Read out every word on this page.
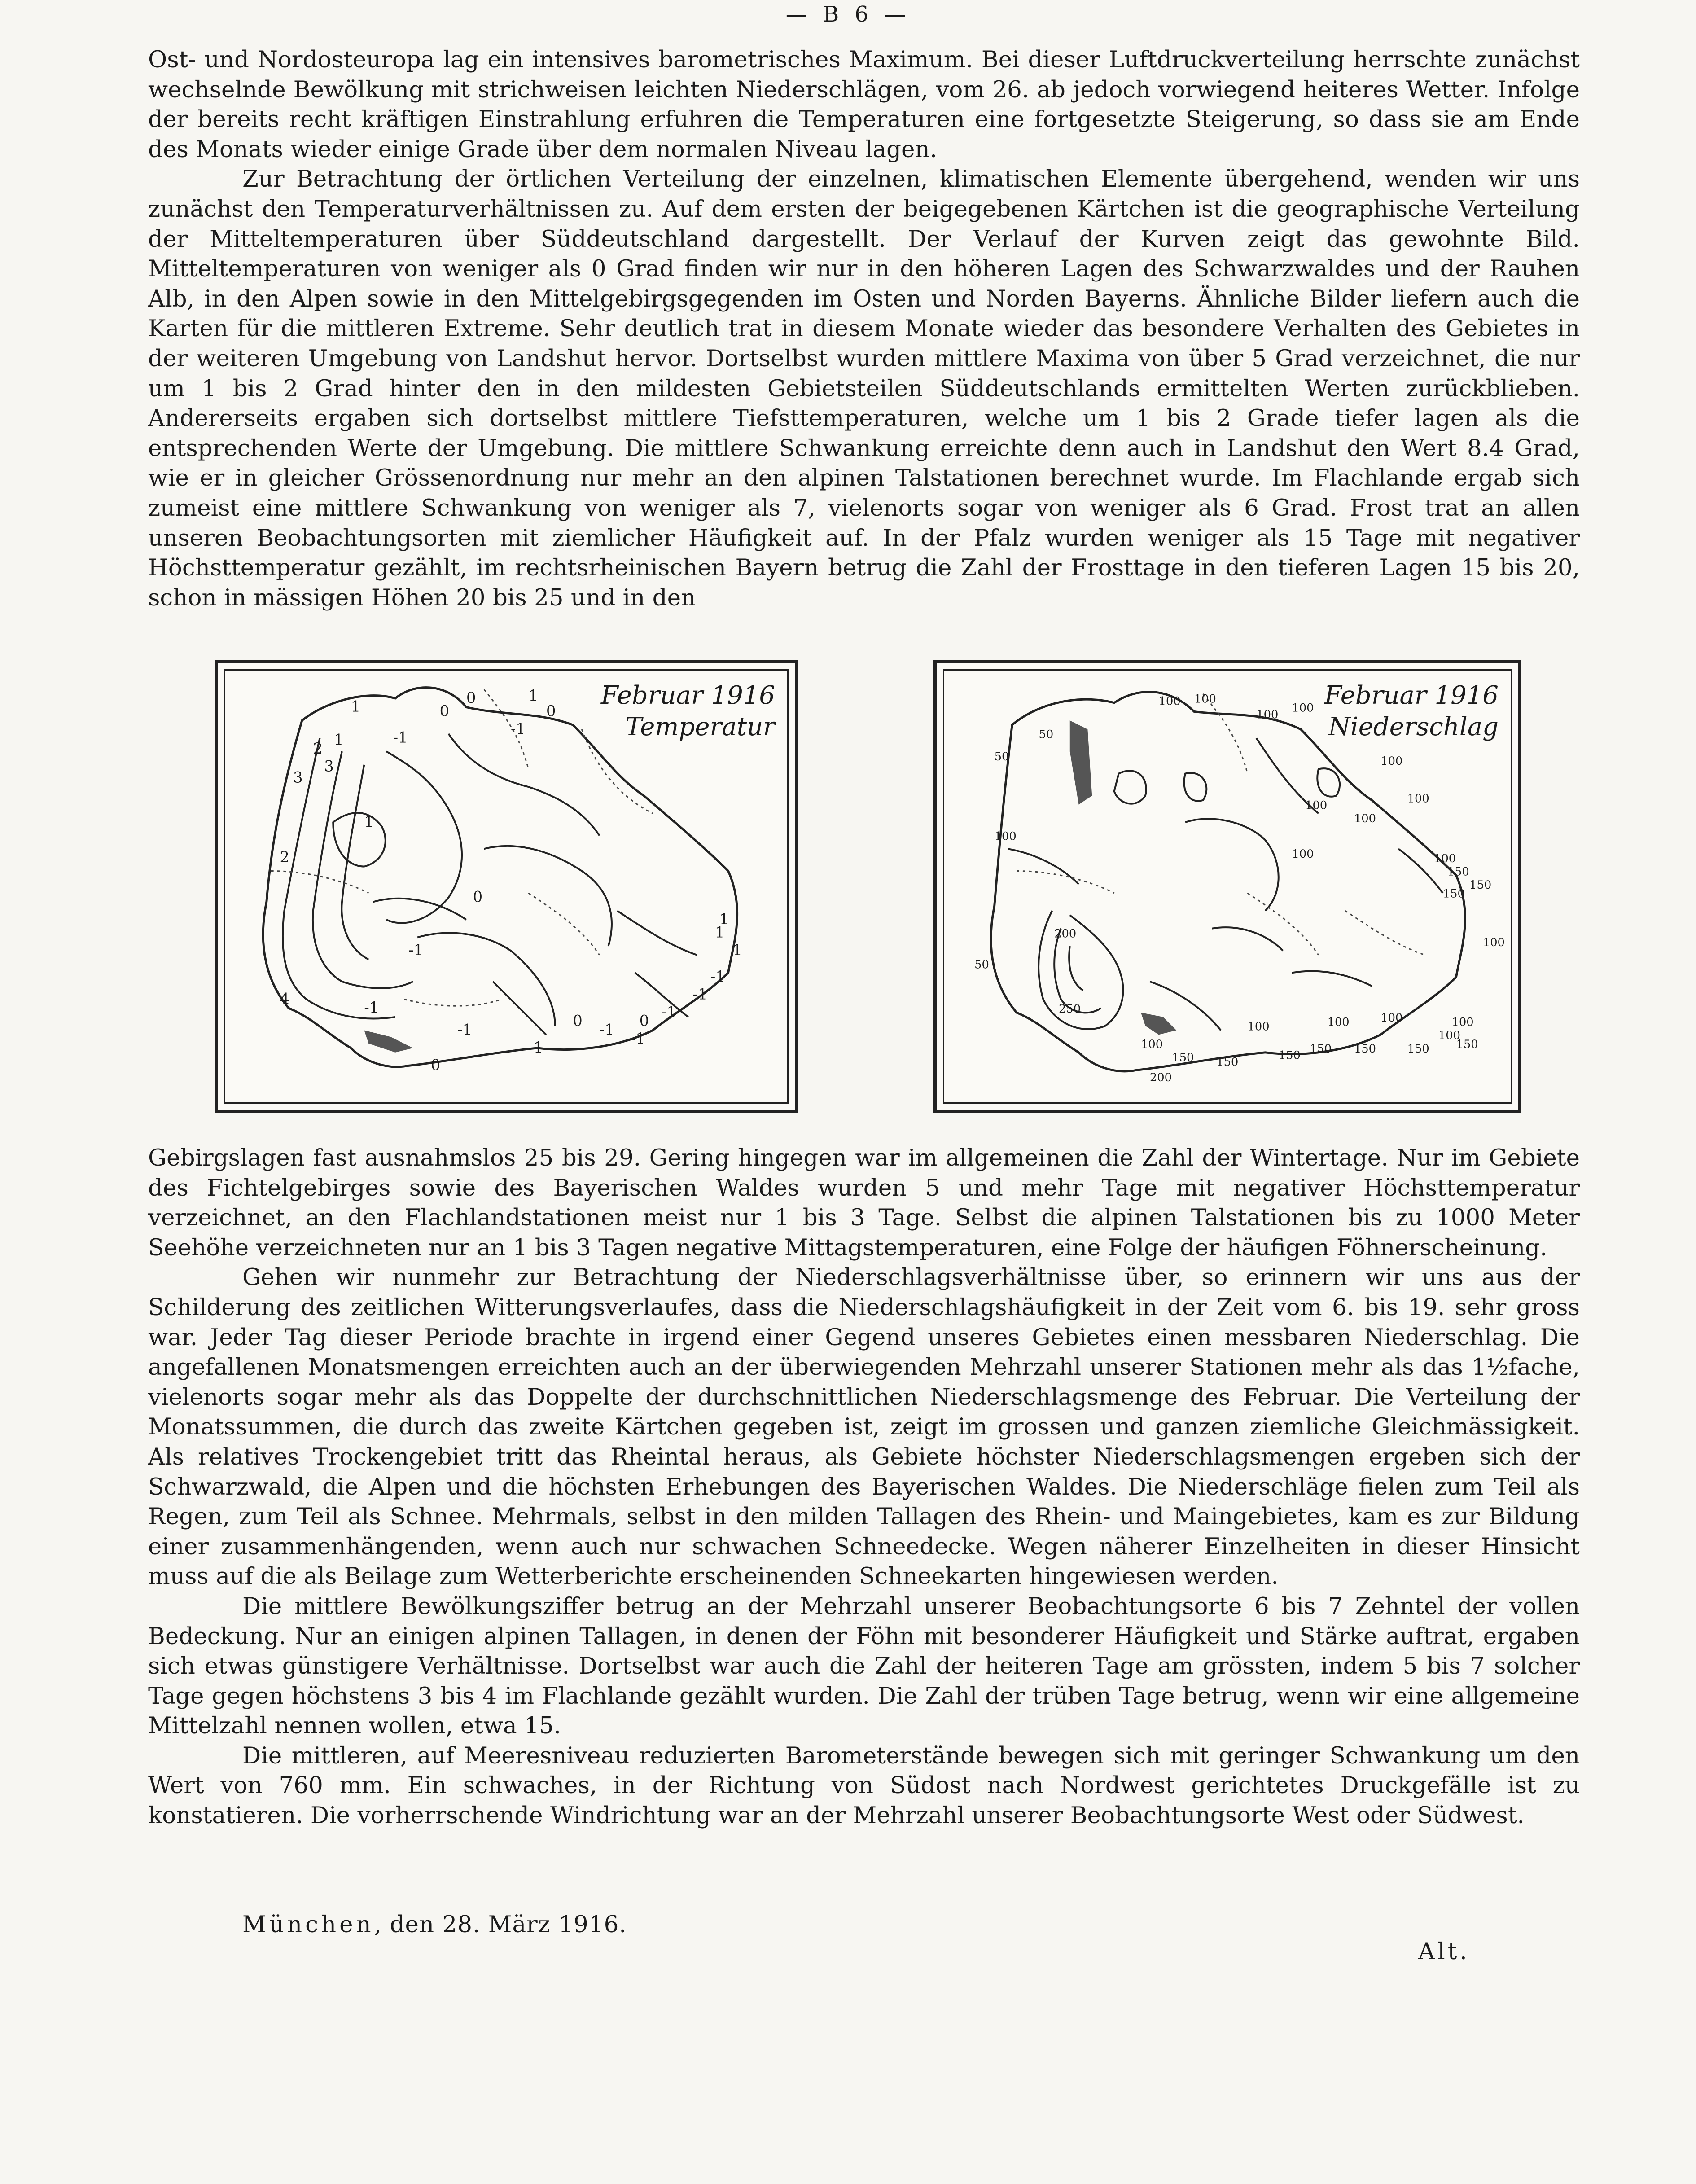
— B 6 —

Ost- und Nordosteuropa lag ein intensives barometrisches Maximum. Bei dieser Luftdruckverteilung herrschte zunächst wechselnde Bewölkung mit strichweisen leichten Niederschlägen, vom 26. ab jedoch vorwiegend heiteres Wetter. Infolge der bereits recht kräftigen Einstrahlung erfuhren die Temperaturen eine fortgesetzte Steigerung, so dass sie am Ende des Monats wieder einige Grade über dem normalen Niveau lagen.

Zur Betrachtung der örtlichen Verteilung der einzelnen, klimatischen Elemente übergehend, wenden wir uns zunächst den Temperaturverhältnissen zu. Auf dem ersten der beigegebenen Kärtchen ist die geographische Verteilung der Mitteltemperaturen über Süddeutschland dargestellt. Der Verlauf der Kurven zeigt das gewohnte Bild. Mitteltemperaturen von weniger als 0 Grad finden wir nur in den höheren Lagen des Schwarzwaldes und der Rauhen Alb, in den Alpen sowie in den Mittelgebirgsgegenden im Osten und Norden Bayerns. Ähnliche Bilder liefern auch die Karten für die mittleren Extreme. Sehr deutlich trat in diesem Monate wieder das besondere Verhalten des Gebietes in der weiteren Umgebung von Landshut hervor. Dortselbst wurden mittlere Maxima von über 5 Grad verzeichnet, die nur um 1 bis 2 Grad hinter den in den mildesten Gebietsteilen Süddeutschlands ermittelten Werten zurückblieben. Andererseits ergaben sich dortselbst mittlere Tiefsttemperaturen, welche um 1 bis 2 Grade tiefer lagen als die entsprechenden Werte der Umgebung. Die mittlere Schwankung erreichte denn auch in Landshut den Wert 8.4 Grad, wie er in gleicher Grössenordnung nur mehr an den alpinen Talstationen berechnet wurde. Im Flachlande ergab sich zumeist eine mittlere Schwankung von weniger als 7, vielenorts sogar von weniger als 6 Grad. Frost trat an allen unseren Beobachtungsorten mit ziemlicher Häufigkeit auf. In der Pfalz wurden weniger als 15 Tage mit negativer Höchsttemperatur gezählt, im rechtsrheinischen Bayern betrug die Zahl der Frosttage in den tieferen Lagen 15 bis 20, schon in mässigen Höhen 20 bis 25 und in den

3
2
1	-1
0
0
3
2
1
-1
0
1
1
0
-1
1
4
-1
-1
-1
0
-1
-1
-1
-1
1
-1
0
1
0
Februar 1916
Temperatur
100 100
100 100
100
100
50
50
100
100
100
100
100
150
150
150
100
50
200
250
100	100	100
150
150
150
150
100
150
200
150
100
100
150
Februar 1916
Niederschlag

Gebirgslagen fast ausnahmslos 25 bis 29. Gering hingegen war im allgemeinen die Zahl der Wintertage. Nur im Gebiete des Fichtelgebirges sowie des Bayerischen Waldes wurden 5 und mehr Tage mit negativer Höchsttemperatur verzeichnet, an den Flachlandstationen meist nur 1 bis 3 Tage. Selbst die alpinen Talstationen bis zu 1000 Meter Seehöhe verzeichneten nur an 1 bis 3 Tagen negative Mittagstemperaturen, eine Folge der häufigen Föhnerscheinung.

Gehen wir nunmehr zur Betrachtung der Niederschlagsverhältnisse über, so erinnern wir uns aus der Schilderung des zeitlichen Witterungsverlaufes, dass die Niederschlagshäufigkeit in der Zeit vom 6. bis 19. sehr gross war. Jeder Tag dieser Periode brachte in irgend einer Gegend unseres Gebietes einen messbaren Niederschlag. Die angefallenen Monatsmengen erreichten auch an der überwiegenden Mehrzahl unserer Stationen mehr als das 1½fache, vielenorts sogar mehr als das Doppelte der durchschnittlichen Niederschlagsmenge des Februar. Die Verteilung der Monatssummen, die durch das zweite Kärtchen gegeben ist, zeigt im grossen und ganzen ziemliche Gleichmässigkeit. Als relatives Trockengebiet tritt das Rheintal heraus, als Gebiete höchster Niederschlagsmengen ergeben sich der Schwarzwald, die Alpen und die höchsten Erhebungen des Bayerischen Waldes. Die Niederschläge fielen zum Teil als Regen, zum Teil als Schnee. Mehrmals, selbst in den milden Tallagen des Rhein- und Maingebietes, kam es zur Bildung einer zusammenhängenden, wenn auch nur schwachen Schneedecke. Wegen näherer Einzelheiten in dieser Hinsicht muss auf die als Beilage zum Wetterberichte erscheinenden Schneekarten hingewiesen werden.

Die mittlere Bewölkungsziffer betrug an der Mehrzahl unserer Beobachtungsorte 6 bis 7 Zehntel der vollen Bedeckung. Nur an einigen alpinen Tallagen, in denen der Föhn mit besonderer Häufigkeit und Stärke auftrat, ergaben sich etwas günstigere Verhältnisse. Dortselbst war auch die Zahl der heiteren Tage am grössten, indem 5 bis 7 solcher Tage gegen höchstens 3 bis 4 im Flachlande gezählt wurden. Die Zahl der trüben Tage betrug, wenn wir eine allgemeine Mittelzahl nennen wollen, etwa 15.

Die mittleren, auf Meeresniveau reduzierten Barometerstände bewegen sich mit geringer Schwankung um den Wert von 760 mm. Ein schwaches, in der Richtung von Südost nach Nordwest gerichtetes Druckgefälle ist zu konstatieren. Die vorherrschende Windrichtung war an der Mehrzahl unserer Beobachtungsorte West oder Südwest.

München, den 28. März 1916.
Alt.
